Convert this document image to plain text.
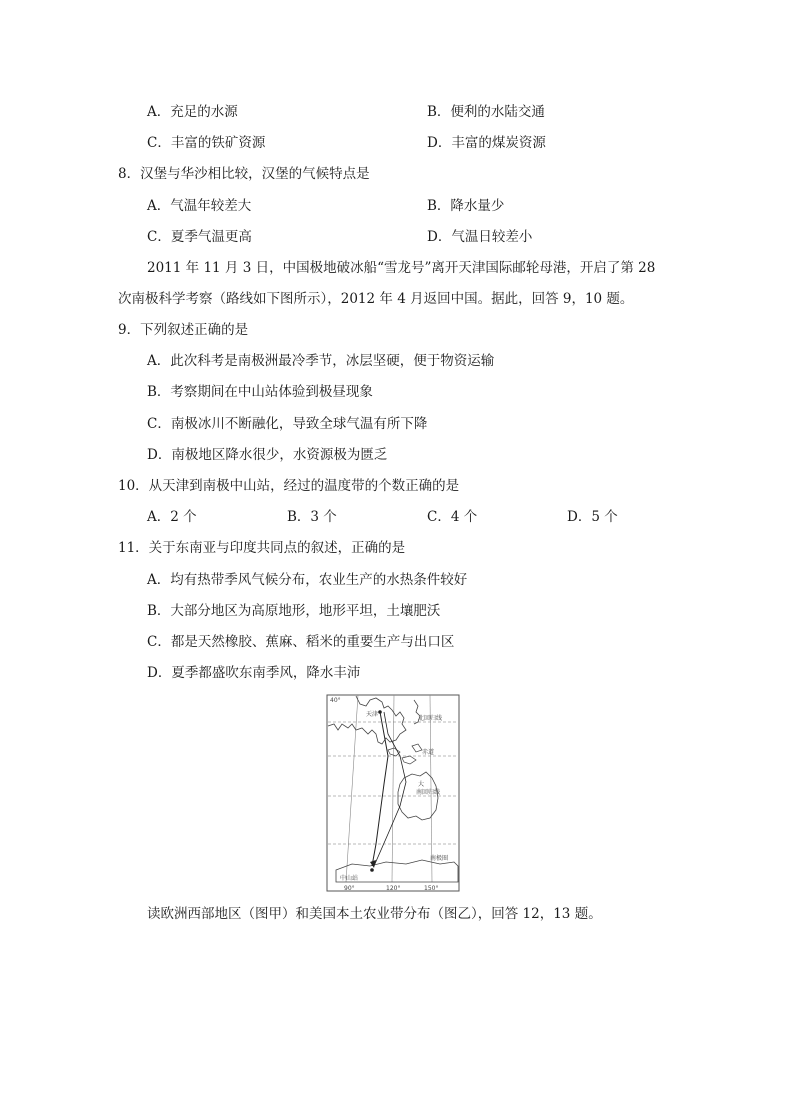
A．充足的水源	B．便利的水陆交通
C．丰富的铁矿资源	D．丰富的煤炭资源
8．汉堡与华沙相比较，汉堡的气候特点是
A．气温年较差大	B．降水量少
C．夏季气温更高	D．气温日较差小
2011 年 11 月 3 日，中国极地破冰船“雪龙号”离开天津国际邮轮母港，开启了第 28
次南极科学考察（路线如下图所示），2012 年 4 月返回中国。据此，回答 9，10 题。
9．下列叙述正确的是
A．此次科考是南极洲最冷季节，冰层坚硬，便于物资运输
B．考察期间在中山站体验到极昼现象
C．南极冰川不断融化，导致全球气温有所下降
D．南极地区降水很少，水资源极为匮乏
10．从天津到南极中山站，经过的温度带的个数正确的是
A．2 个	B．3 个	C．4 个	D．5 个
11．关于东南亚与印度共同点的叙述，正确的是
A．均有热带季风气候分布，农业生产的水热条件较好
B．大部分地区为高原地形，地形平坦，土壤肥沃
C．都是天然橡胶、蕉麻、稻米的重要生产与出口区
D．夏季都盛吹东南季风，降水丰沛
40°
天津
北回归线
赤道
南回归线
大
南极圈
中山站
90°	120°	150°
读欧洲西部地区（图甲）和美国本土农业带分布（图乙），回答 12，13 题。
